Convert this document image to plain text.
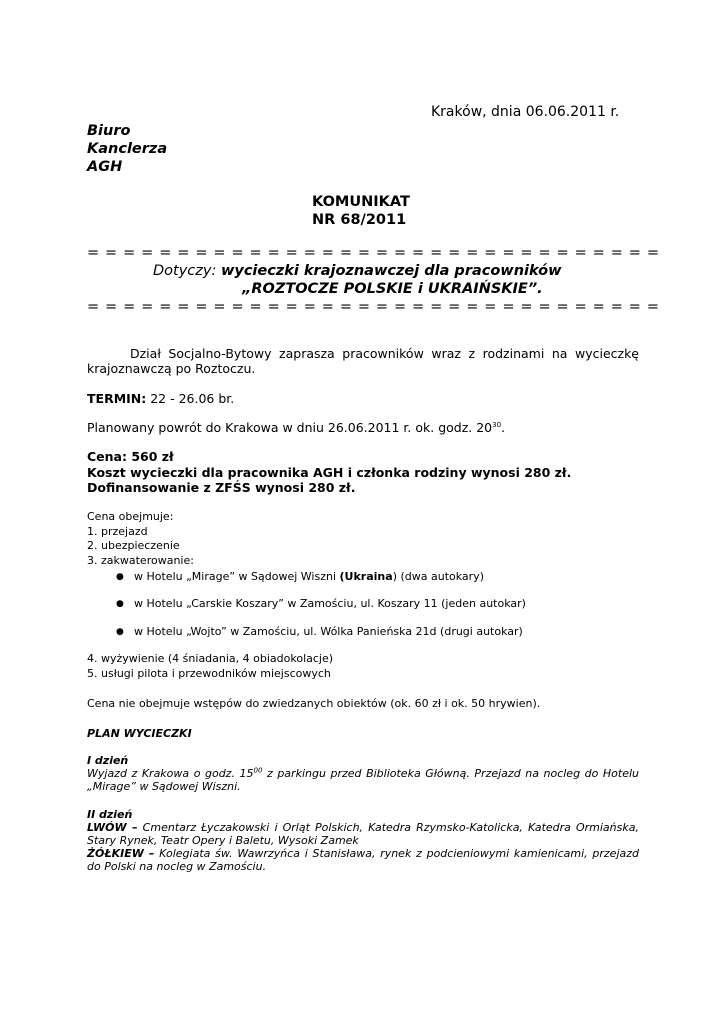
Kraków, dnia 06.06.2011 r.
Biuro
Kanclerza
AGH
KOMUNIKAT
NR 68/2011
= = = = = = = = = = = = = = = = = = = = = = = = = = = = = = = =
Dotyczy: wycieczki krajoznawczej dla pracowników
„ROZTOCZE POLSKIE i UKRAIŃSKIE”.
= = = = = = = = = = = = = = = = = = = = = = = = = = = = = = = =
Dział Socjalno-Bytowy zaprasza pracowników wraz z rodzinami na wycieczkę krajoznawczą po Roztoczu.
TERMIN: 22 - 26.06 br.
Planowany powrót do Krakowa w dniu 26.06.2011 r. ok. godz. $20^{30}$.
Cena: 560 zł
Koszt wycieczki dla pracownika AGH i członka rodziny wynosi 280 zł.
Dofinansowanie z ZFŚS wynosi 280 zł.
Cena obejmuje:
1. przejazd
2. ubezpieczenie
3. zakwaterowanie:
● w Hotelu „Mirage” w Sądowej Wiszni (Ukraina) (dwa autokary)
● w Hotelu „Carskie Koszary” w Zamościu, ul. Koszary 11 (jeden autokar)
● w Hotelu „Wojto” w Zamościu, ul. Wólka Panieńska 21d (drugi autokar)
4. wyżywienie (4 śniadania, 4 obiadokolacje)
5. usługi pilota i przewodników miejscowych
Cena nie obejmuje wstępów do zwiedzanych obiektów (ok. 60 zł i ok. 50 hrywien).
PLAN WYCIECZKI
I dzień
Wyjazd z Krakowa o godz. $15^{00}$ z parkingu przed Biblioteka Główną. Przejazd na nocleg do Hotelu „Mirage” w Sądowej Wiszni.
II dzień
LWÓW – Cmentarz Łyczakowski i Orląt Polskich, Katedra Rzymsko-Katolicka, Katedra Ormiańska, Stary Rynek, Teatr Opery i Baletu, Wysoki Zamek
ŻÓŁKIEW – Kolegiata św. Wawrzyńca i Stanisława, rynek z podcieniowymi kamienicami, przejazd do Polski na nocleg w Zamościu.
